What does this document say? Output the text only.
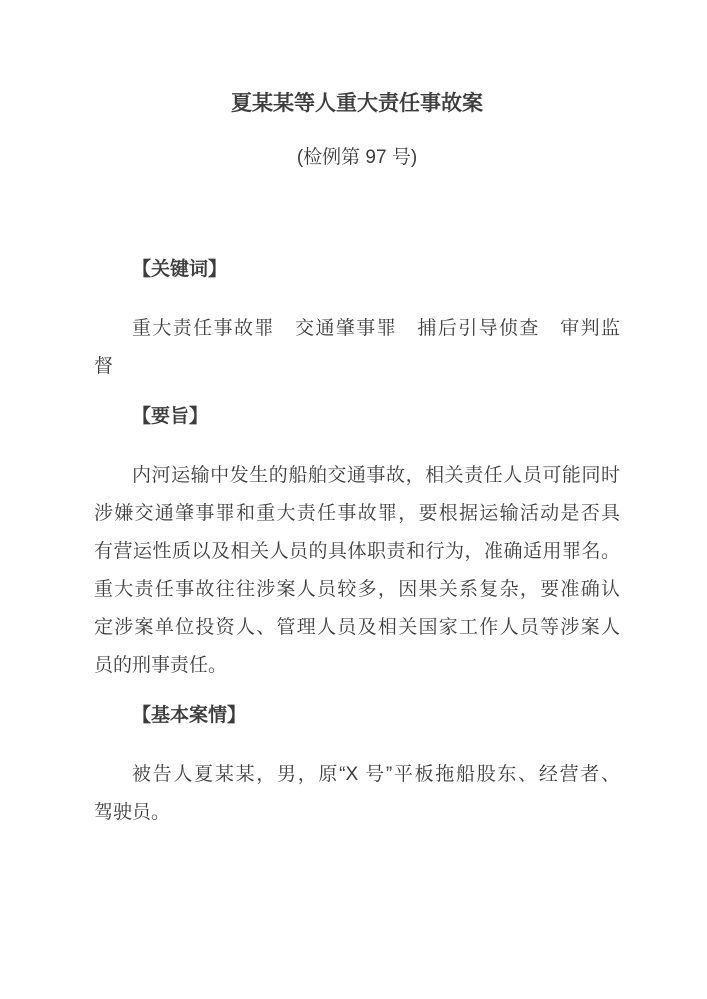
夏某某等人重大责任事故案
(检例第 97 号)
【关键词】
重大责任事故罪　交通肇事罪　捕后引导侦查　审判监
督
【要旨】
内河运输中发生的船舶交通事故，相关责任人员可能同时
涉嫌交通肇事罪和重大责任事故罪，要根据运输活动是否具
有营运性质以及相关人员的具体职责和行为，准确适用罪名。
重大责任事故往往涉案人员较多，因果关系复杂，要准确认
定涉案单位投资人、管理人员及相关国家工作人员等涉案人
员的刑事责任。
【基本案情】
被告人夏某某，男，原“X 号”平板拖船股东、经营者、
驾驶员。
